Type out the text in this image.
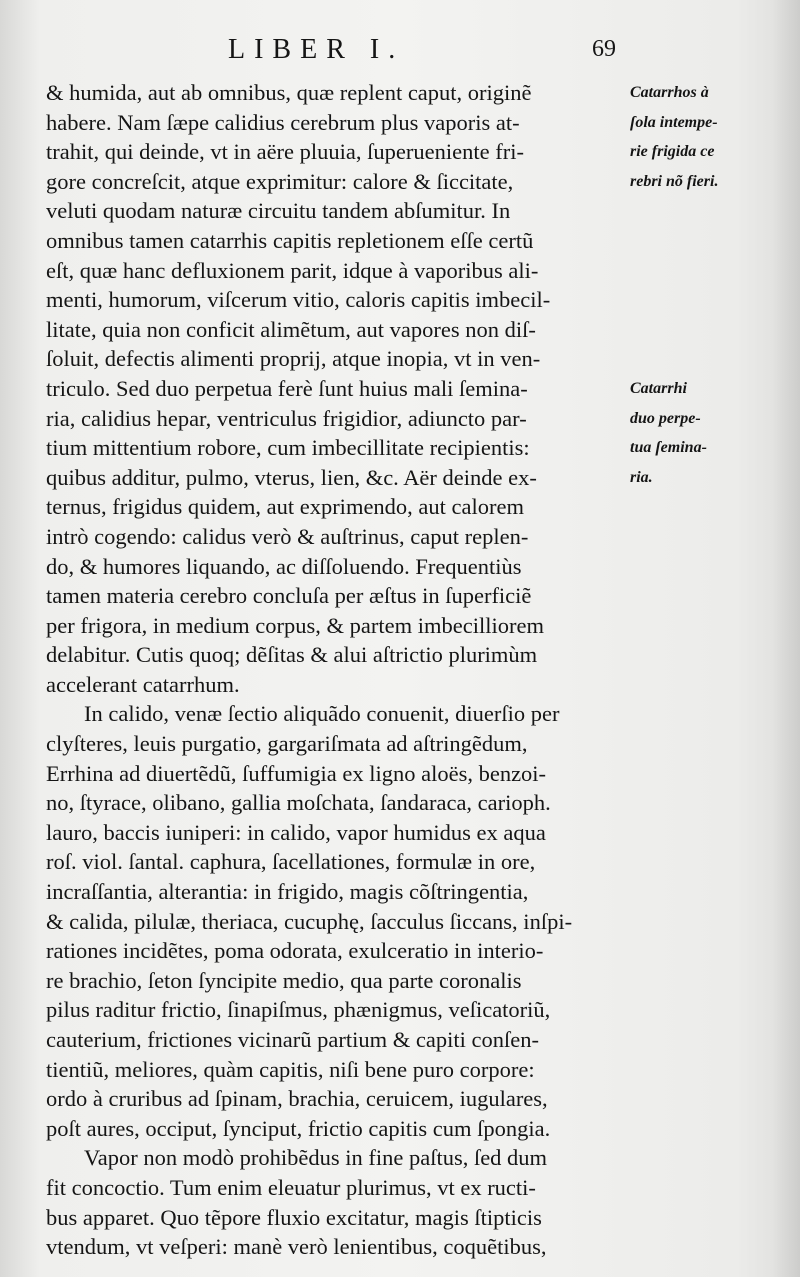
LIBER I.	69
& humida, aut ab omnibus, quæ replent caput, originẽ
habere. Nam ſæpe calidius cerebrum plus vaporis at-
trahit, qui deinde, vt in aëre pluuia, ſuperueniente fri-
gore concreſcit, atque exprimitur: calore & ſiccitate,
veluti quodam naturæ circuitu tandem abſumitur. In
omnibus tamen catarrhis capitis repletionem eſſe certũ
eſt, quæ hanc defluxionem parit, idque à vaporibus ali-
menti, humorum, viſcerum vitio, caloris capitis imbecil-
litate, quia non conficit alimẽtum, aut vapores non diſ-
ſoluit, defectis alimenti proprij, atque inopia, vt in ven-
triculo. Sed duo perpetua ferè ſunt huius mali ſemina-
ria, calidius hepar, ventriculus frigidior, adiuncto par-
tium mittentium robore, cum imbecillitate recipientis:
quibus additur, pulmo, vterus, lien, &c. Aër deinde ex-
ternus, frigidus quidem, aut exprimendo, aut calorem
intrò cogendo: calidus verò & auſtrinus, caput replen-
do, & humores liquando, ac diſſoluendo. Frequentiùs
tamen materia cerebro concluſa per æſtus in ſuperficiẽ
per frigora, in medium corpus, & partem imbecilliorem
delabitur. Cutis quoq; dẽſitas & alui aſtrictio plurimùm
accelerant catarrhum.
In calido, venæ ſectio aliquãdo conuenit, diuerſio per
clyſteres, leuis purgatio, gargariſmata ad aſtringẽdum,
Errhina ad diuertẽdũ, ſuffumigia ex ligno aloës, benzoi-
no, ſtyrace, olibano, gallia moſchata, ſandaraca, carioph.
lauro, baccis iuniperi: in calido, vapor humidus ex aqua
roſ. viol. ſantal. caphura, ſacellationes, formulæ in ore,
incraſſantia, alterantia: in frigido, magis cõſtringentia,
& calida, pilulæ, theriaca, cucuphę, ſacculus ſiccans, inſpi-
rationes incidẽtes, poma odorata, exulceratio in interio-
re brachio, ſeton ſyncipite medio, qua parte coronalis
pilus raditur frictio, ſinapiſmus, phænigmus, veſicatoriũ,
cauterium, frictiones vicinarũ partium & capiti conſen-
tientiũ, meliores, quàm capitis, niſi bene puro corpore:
ordo à cruribus ad ſpinam, brachia, ceruicem, iugulares,
poſt aures, occiput, ſynciput, frictio capitis cum ſpongia.
Vapor non modò prohibẽdus in fine paſtus, ſed dum
fit concoctio. Tum enim eleuatur plurimus, vt ex ructi-
bus apparet. Quo tẽpore fluxio excitatur, magis ſtipticis
vtendum, vt veſperi: manè verò lenientibus, coquẽtibus,
Catarrhos à
ſola intempe-
rie frigida ce
rebri nõ fieri.
Catarrhi
duo perpe-
tua ſemina-
ria.
